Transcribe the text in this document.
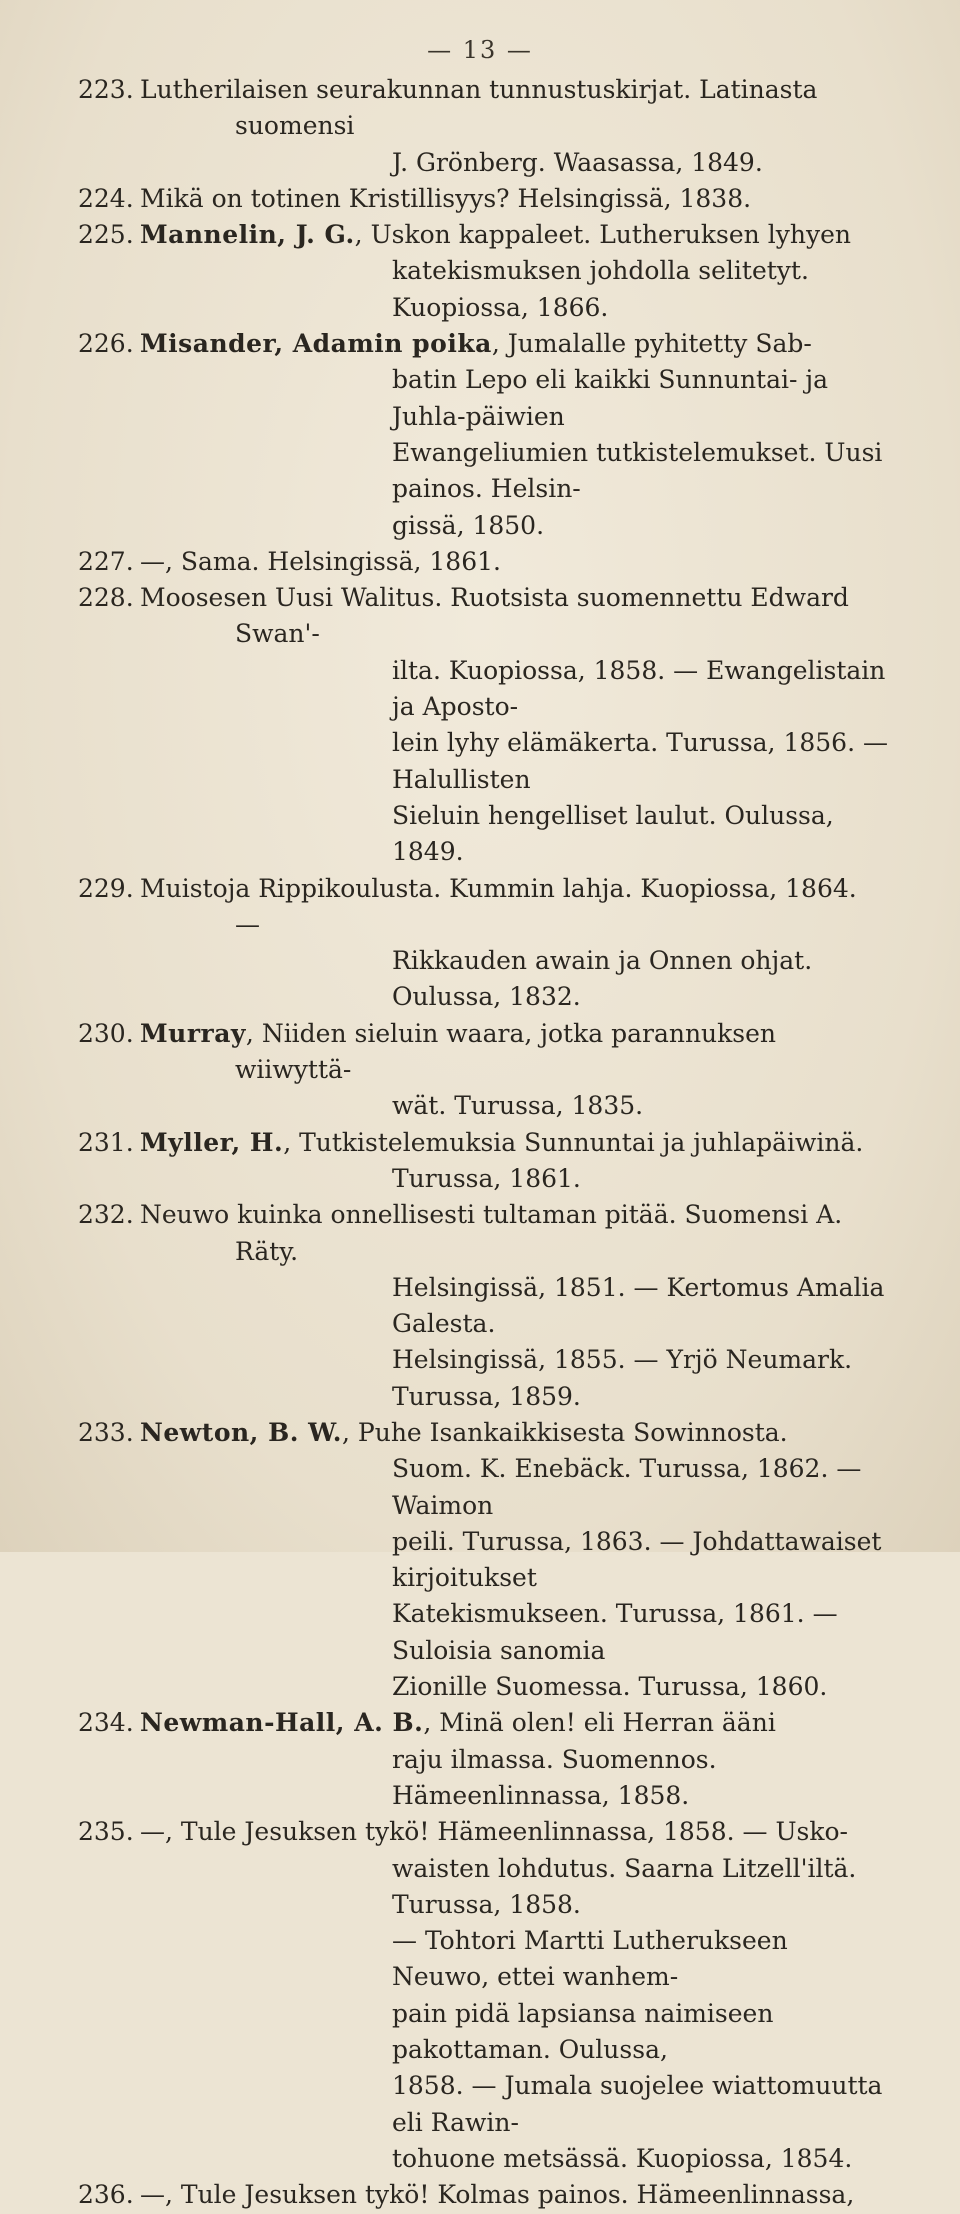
— 13 —

223. Lutherilaisen seurakunnan tunnustuskirjat. Latinasta suomensi
J. Grönberg. Waasassa, 1849.

224. Mikä on totinen Kristillisyys? Helsingissä, 1838.

225. Mannelin, J. G., Uskon kappaleet. Lutheruksen lyhyen
katekismuksen johdolla selitetyt. Kuopiossa, 1866.

226. Misander, Adamin poika, Jumalalle pyhitetty Sab-
batin Lepo eli kaikki Sunnuntai- ja Juhla-päiwien
Ewangeliumien tutkistelemukset. Uusi painos. Helsin-
gissä, 1850.

227. —, Sama. Helsingissä, 1861.

228. Moosesen Uusi Walitus. Ruotsista suomennettu Edward Swan'-
ilta. Kuopiossa, 1858. — Ewangelistain ja Aposto-
lein lyhy elämäkerta. Turussa, 1856. — Halullisten
Sieluin hengelliset laulut. Oulussa, 1849.

229. Muistoja Rippikoulusta. Kummin lahja. Kuopiossa, 1864. —
Rikkauden awain ja Onnen ohjat. Oulussa, 1832.

230. Murray, Niiden sieluin waara, jotka parannuksen wiiwyttä-
wät. Turussa, 1835.

231. Myller, H., Tutkistelemuksia Sunnuntai ja juhlapäiwinä.
Turussa, 1861.

232. Neuwo kuinka onnellisesti tultaman pitää. Suomensi A. Räty.
Helsingissä, 1851. — Kertomus Amalia Galesta.
Helsingissä, 1855. — Yrjö Neumark. Turussa, 1859.

233. Newton, B. W., Puhe Isankaikkisesta Sowinnosta.
Suom. K. Enebäck. Turussa, 1862. — Waimon
peili. Turussa, 1863. — Johdattawaiset kirjoitukset
Katekismukseen. Turussa, 1861. — Suloisia sanomia
Zionille Suomessa. Turussa, 1860.

234. Newman-Hall, A. B., Minä olen! eli Herran ääni
raju ilmassa. Suomennos. Hämeenlinnassa, 1858.

235. —, Tule Jesuksen tykö! Hämeenlinnassa, 1858. — Usko-
waisten lohdutus. Saarna Litzell'iltä. Turussa, 1858.
— Tohtori Martti Lutherukseen Neuwo, ettei wanhem-
pain pidä lapsiansa naimiseen pakottaman. Oulussa,
1858. — Jumala suojelee wiattomuutta eli Rawin-
tohuone metsässä. Kuopiossa, 1854.

236. —, Tule Jesuksen tykö! Kolmas painos. Hämeenlinnassa,
